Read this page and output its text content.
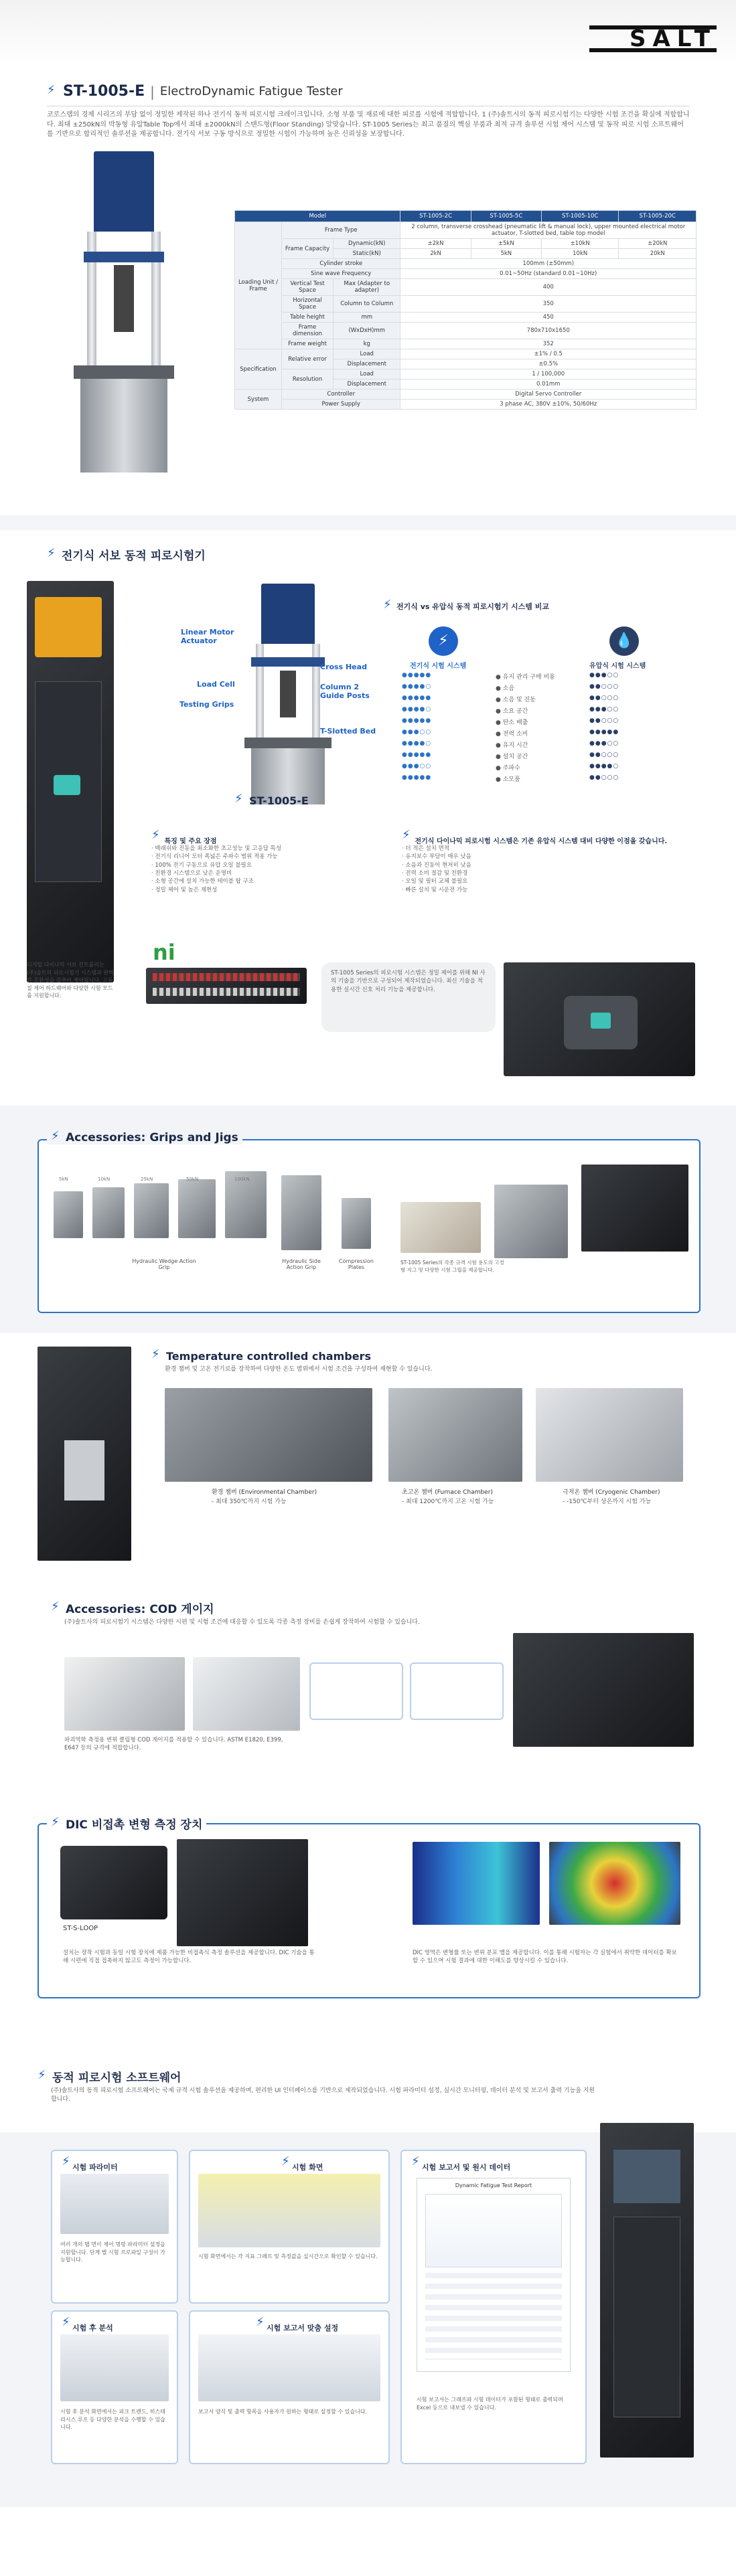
SALT
⚡
ST-1005-E | ElectroDynamic Fatigue Tester
코로스랩의 경제 시리즈의 부담 없이 정밀한 제작된 하나 전기식 동적 피로시험 크레이크입니다. 소형 부품 및 재료에 대한 피로를 시험에 적합합니다. 1 (주)솔트시의 동적 피로시험기는 다양한 시험 조건을 확실에 적합합니다. 최대 ±250kN의 박동형 유압Table Top에서 최대 ±2000kN의 스탠드형(Floor Standing) 알맞습니다. ST-1005 Series는 최고 품질의 핵심 부품과 최적 규격 솔루션 시험 제어 시스템 및 동작 피로 시험 소프트웨어를 기반으로 합리적인 솔루션을 제공합니다. 전기식 서보 구동 방식으로 정밀한 시험이 가능하며 높은 신뢰성을 보장합니다.
Model			ST-1005-2C	ST-1005-5C	ST-1005-10C	ST-1005-20C
Loading Unit / Frame	Frame Type		2 column, transverse crosshead (pneumatic lift & manual lock), upper mounted electrical motor actuator, T-slotted bed, table top model			
	Frame Capacity	Dynamic(kN)	±2kN	±5kN	±10kN	±20kN
		Static(kN)	2kN	5kN	10kN	20kN
	Cylinder stroke		100mm (±50mm)			
	Sine wave Frequency		0.01~50Hz (standard 0.01~10Hz)			
	Vertical Test Space	Max (Adapter to adapter)	400			
	Horizontal Space	Column to Column	350			
	Table height	mm	450			
	Frame dimension	(WxDxH)mm	780x710x1650			
	Frame weight	kg	352			
Specification	Relative error	Load	±1% / 0.5			
		Displacement	±0.5%			
	Resolution	Load	1 / 100,000			
		Displacement	0.01mm			
System	Controller		Digital Servo Controller			
	Power Supply		3 phase AC, 380V ±10%, 50/60Hz			
⚡
전기식 서보 동적 피로시험기
Linear Motor Actuator
Load Cell
Testing Grips
Cross Head
Column 2 Guide Posts
T-Slotted Bed
⚡
ST-1005-E
⚡
전기식 vs 유압식 동적 피로시험기 시스템 비교
⚡	💧
전기식 시험 시스템	유압식 시험 시스템
●●●●●	● 유지 관리 구매 비용	●●●○○
●●●●○	● 소음	●●○○○
●●●●●	● 소음 및 진동	●●○○○
●●●●○	● 소요 공간	●●●○○
●●●●●	● 탄소 배출	●●○○○
●●●○○	● 전력 소비	●●●●●
●●●●○	● 유지 시간	●●●○○
●●●●●	● 설치 공간	●●○○○
●●●○○	● 주파수	●●●●○
●●●●●	● 소모품	●●○○○
⚡ 특징 및 주요 장점
· 백래쉬와 진동을 최소화한 초고성능 및 고응답 특성
· 전기식 리니어 모터 폭넓은 주파수 범위 적용 가능
· 100% 전기 구동으로 유압 오일 불필요
· 친환경 시스템으로 낮은 운영비
· 소형 공간에 설치 가능한 테이블 탑 구조
· 정밀 제어 및 높은 재현성
⚡ 전기식 다이나믹 피로시험 시스템은 기존 유압식 시스템 대비 다양한 이점을 갖습니다.
· 더 적은 설치 면적
· 유지보수 부담이 매우 낮음
· 소음과 진동이 현저히 낮음
· 전력 소비 절감 및 친환경
· 오일 및 필터 교체 불필요
· 빠른 설치 및 시운전 가능
디지털 다이나믹 서보 컨트롤러는 (주)솔트의 피로시험기 시스템과 완벽한 호환성을 갖추어 제어됩니다. 고품질 제어 하드웨어와 다양한 시험 모드를 지원합니다.
ni
ST-1005 Series의 피로시험 시스템은 정밀 제어를 위해 NI 사의 기술을 기반으로 구성되어 제작되었습니다. 최신 기술을 적용한 실시간 신호 처리 기능을 제공합니다.
⚡
Accessories: Grips and Jigs
5kN	10kN	25kN	50kN	100kN
Hydraulic Wedge Action Grip
Hydraulic Side Action Grip
Compression Plates
ST-1005 Series의 각종 규격 시험 용도의 고정형 지그 및 다양한 시험 그립을 제공합니다.
⚡
Temperature controlled chambers
환경 챔버 및 고온 전기로를 장착하여 다양한 온도 범위에서 시험 조건을 구성하여 재현할 수 있습니다.
환경 챔버 (Environmental Chamber)
- 최대 350℃까지 시험 가능
초고온 챔버 (Furnace Chamber)
- 최대 1200℃까지 고온 시험 가능
극저온 챔버 (Cryogenic Chamber)
- -150℃부터 상온까지 시험 가능
⚡
Accessories: COD 게이지
(주)솔트사의 피로시험기 시스템은 다양한 시편 및 시험 조건에 대응할 수 있도록 각종 측정 장비를 손쉽게 장착하여 시험할 수 있습니다.
파괴역학 측정용 변위 클립형 COD 게이지를 적용할 수 있습니다. ASTM E1820, E399, E647 등의 규격에 적합합니다.
⚡
DIC 비접촉 변형 측정 장치
ST-S-LOOP
설치는 장착 시험과 동일 시험 장치에 제품 가능한 비접촉식 측정 솔루션을 제공합니다. DIC 기술을 통해 시편에 직접 접촉하지 않고도 측정이 가능합니다.
DIC 영역은 변형률 또는 변위 분포 맵을 제공합니다. 이를 통해 시험자는 각 실험에서 취약한 데이터를 확보할 수 있으며 시험 결과에 대한 이해도를 향상시킬 수 있습니다.
⚡
동적 피로시험 소프트웨어
(주)솔트사의 동적 피로시험 소프트웨어는 국제 규격 시험 솔루션을 제공하며, 편리한 UI 인터페이스를 기반으로 제작되었습니다. 시험 파라미터 설정, 실시간 모니터링, 데이터 분석 및 보고서 출력 기능을 지원합니다.
⚡시험 파라미터
여러 개의 탭 면이 제어 명령 파라미터 설정을 지원합니다. 단계 별 시험 프로파일 구성이 가능합니다.
⚡시험 화면
시험 화면에서는 각 지표 그래프 및 측정값을 실시간으로 확인할 수 있습니다.
⚡시험 보고서 및 원시 데이터
Dynamic Fatigue Test Report
시험 보고서는 그래프와 시험 데이터가 포함된 형태로 출력되며 Excel 등으로 내보낼 수 있습니다.
⚡시험 후 분석
시험 후 분석 화면에서는 피크 트렌드, 히스테리시스 루프 등 다양한 분석을 수행할 수 있습니다.
⚡시험 보고서 맞춤 설정
보고서 양식 및 출력 항목을 사용자가 원하는 형태로 설정할 수 있습니다.
